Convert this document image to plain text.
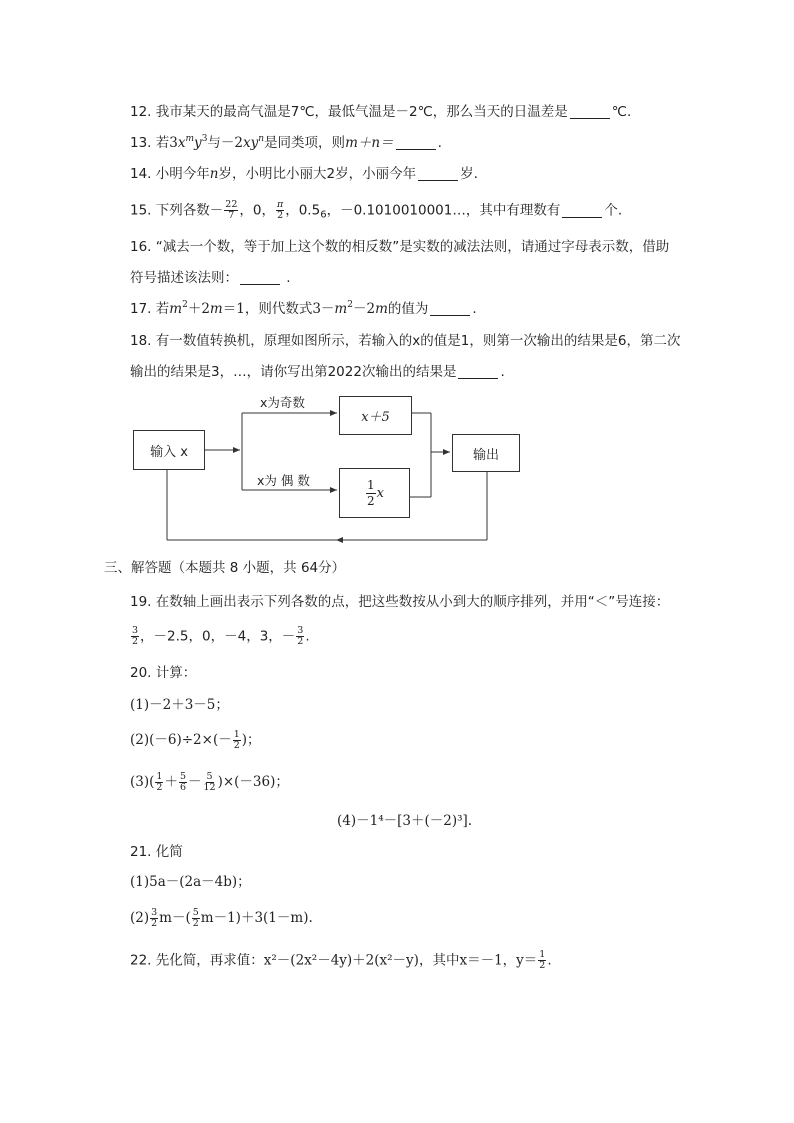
12. 我市某天的最高气温是7℃，最低气温是－2℃，那么当天的日温差是	℃.
13. 若$3x^my^3$与$-2xy^n$是同类项，则m＋n＝	.
14. 小明今年n岁，小明比小丽大2岁，小丽今年	岁.
15. 下列各数－ $\frac{22}{7}$ ，0， $\frac{\pi}{2}$ ，$0.5_6$，－0.1010010001…，其中有理数有	个.
16. “减去一个数，等于加上这个数的相反数”是实数的减法法则，请通过字母表示数，借助
符号描述该法则：	.
17. 若$m^2+2m=1$，则代数式$3-m^2-2m$的值为	.
18. 有一数值转换机，原理如图所示，若输入的x的值是1，则第一次输出的结果是6，第二次
输出的结果是3，…，请你写出第2022次输出的结果是	.
输入 x
x＋5
$\frac{1}{2}$ x
输出
x为奇数
x为 偶 数
三、解答题（本题共 8 小题，共 64分）
19. 在数轴上画出表示下列各数的点，把这些数按从小到大的顺序排列，并用“＜”号连接：
$\frac{3}{2}$ ，－2.5，0，－4，3，－ $\frac{3}{2}$ .
20. 计算：
(1)－2＋3－5；
$(2)(-6)\div 2\times(- \frac{1}{2}$ )；
$(3)( \frac{1}{2} + \frac{5}{6} - \frac{5}{12} )\times(-36)$；
(4)－1⁴－[3＋(－2)³].
21. 化简
(1)5a－(2a－4b)；
$(2) \frac{3}{2} m-( \frac{5}{2} m-1)+3(1-m)$.
22. 先化简，再求值：x²－(2x²－4y)＋2(x²－y)，其中x＝－1，$y= \frac{1}{2}$ .
